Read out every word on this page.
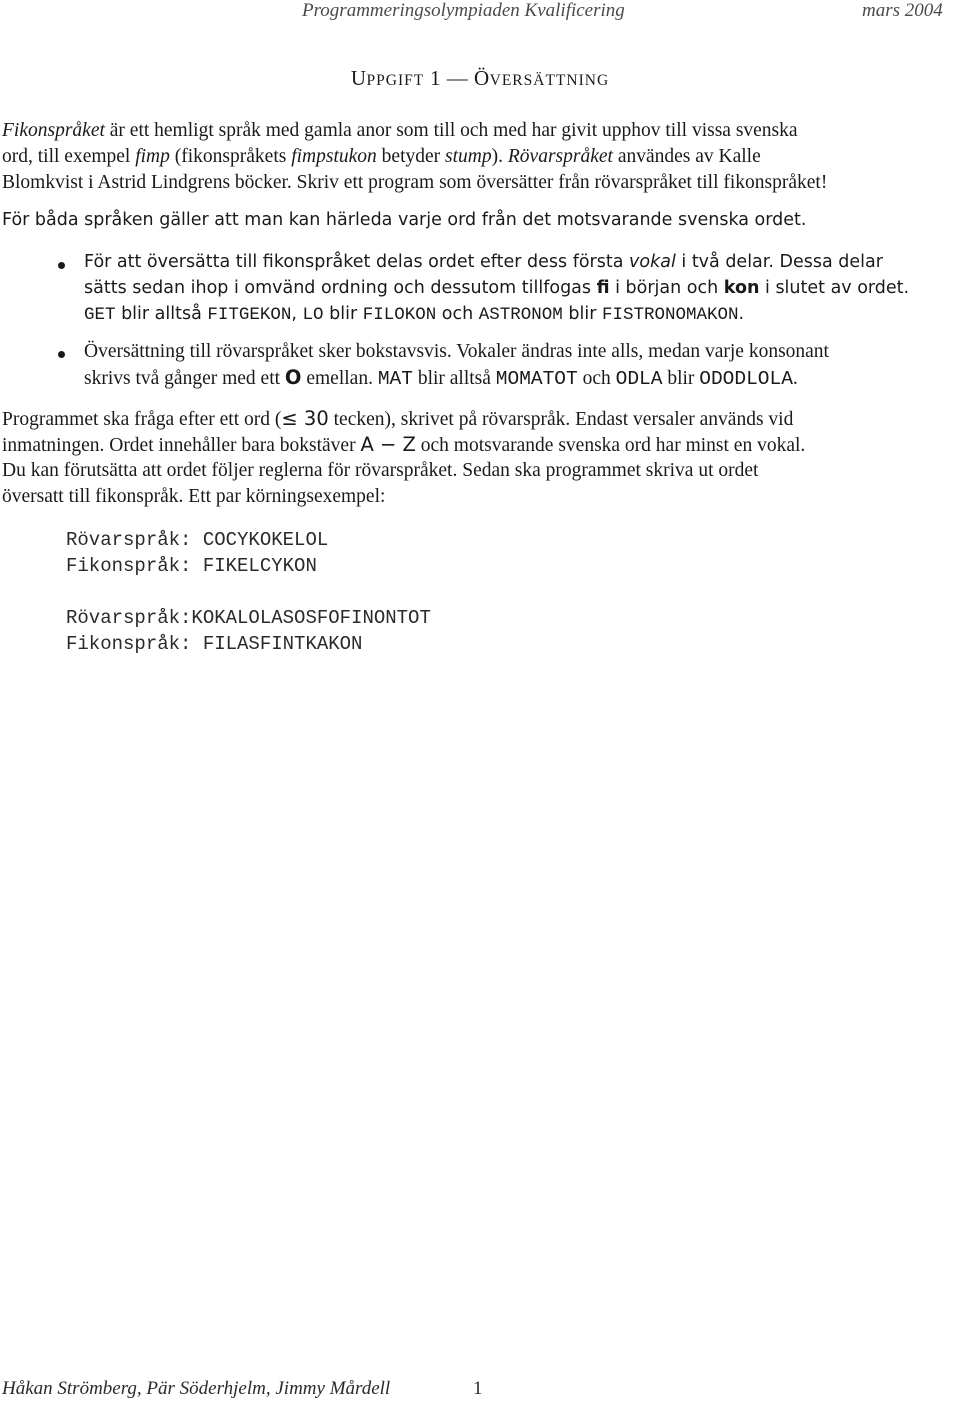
Programmeringsolympiaden Kvalificering	mars 2004
UPPGIFT 1 — ÖVERSÄTTNING
Fikonspråket är ett hemligt språk med gamla anor som till och med har givit upphov till vissa svenska
ord, till exempel fimp (fikonspråkets fimpstukon betyder stump). Rövarspråket användes av Kalle
Blomkvist i Astrid Lindgrens böcker. Skriv ett program som översätter från rövarspråket till fikonspråket!
För båda språken gäller att man kan härleda varje ord från det motsvarande svenska ordet.
För att översätta till fikonspråket delas ordet efter dess första vokal i två delar. Dessa delar
sätts sedan ihop i omvänd ordning och dessutom tillfogas fi i början och kon i slutet av ordet.
GET blir alltså FITGEKON, LO blir FILOKON och ASTRONOM blir FISTRONOMAKON.
Översättning till rövarspråket sker bokstavsvis. Vokaler ändras inte alls, medan varje konsonant
skrivs två gånger med ett O emellan. MAT blir alltså MOMATOT och ODLA blir ODODLOLA.
Programmet ska fråga efter ett ord (≤ 30 tecken), skrivet på rövarspråk. Endast versaler används vid
inmatningen. Ordet innehåller bara bokstäver A − Z och motsvarande svenska ord har minst en vokal.
Du kan förutsätta att ordet följer reglerna för rövarspråket. Sedan ska programmet skriva ut ordet
översatt till fikonspråk. Ett par körningsexempel:
Rövarspråk: COCYKOKELOL
Fikonspråk: FIKELCYKON
Rövarspråk:KOKALOLASOSFOFINONTOT
Fikonspråk: FILASFINTKAKON
Håkan Strömberg, Pär Söderhjelm, Jimmy Mårdell	1
